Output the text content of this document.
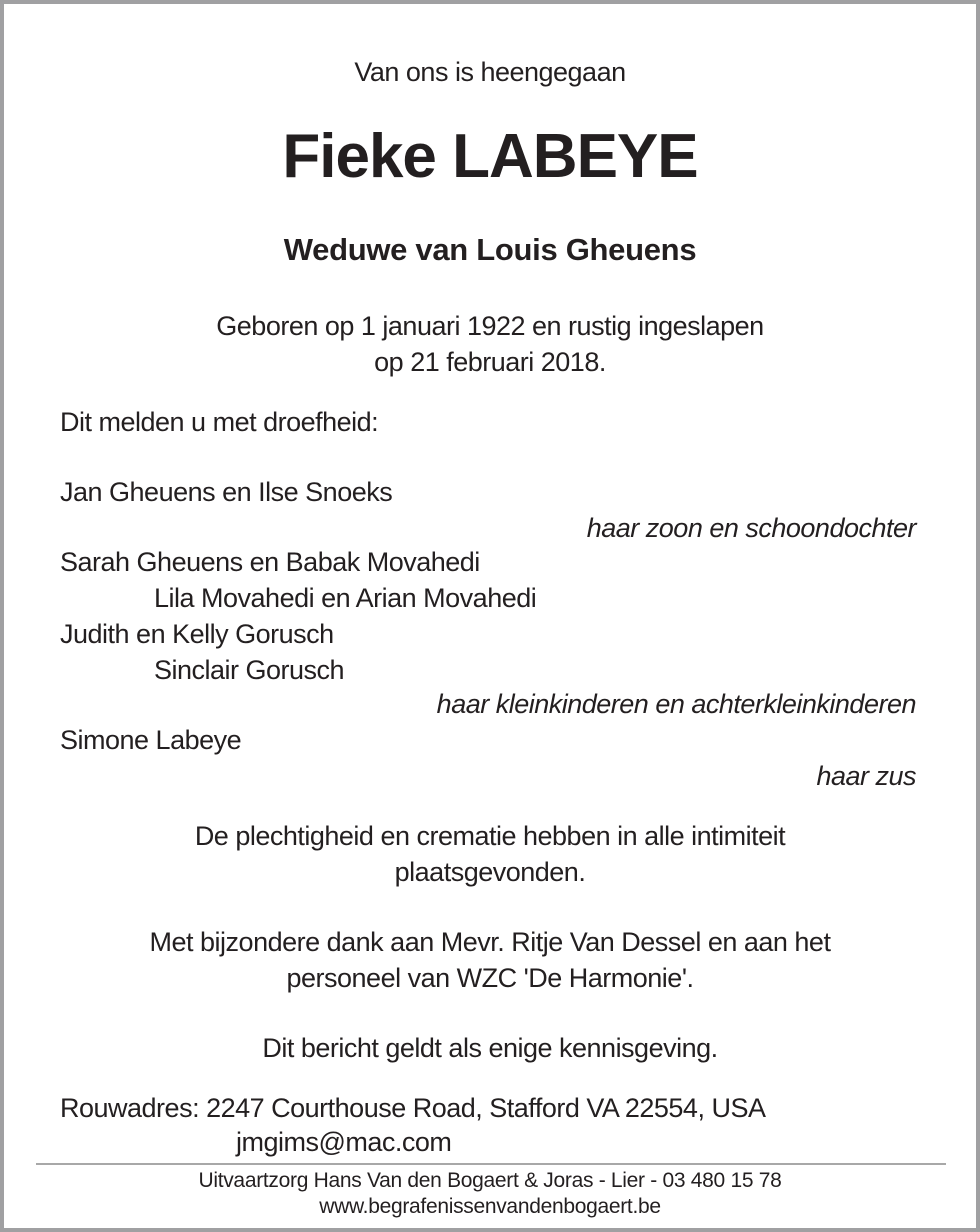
Van ons is heengegaan
Fieke LABEYE
Weduwe van Louis Gheuens
Geboren op 1 januari 1922 en rustig ingeslapen
op 21 februari 2018.
Dit melden u met droefheid:
Jan Gheuens en Ilse Snoeks
haar zoon en schoondochter
Sarah Gheuens en Babak Movahedi
Lila Movahedi en Arian Movahedi
Judith en Kelly Gorusch
Sinclair Gorusch
haar kleinkinderen en achterkleinkinderen
Simone Labeye
haar zus
De plechtigheid en crematie hebben in alle intimiteit
plaatsgevonden.
Met bijzondere dank aan Mevr. Ritje Van Dessel en aan het
personeel van WZC 'De Harmonie'.
Dit bericht geldt als enige kennisgeving.
Rouwadres: 2247 Courthouse Road, Stafford VA 22554, USA
jmgims@mac.com
Uitvaartzorg Hans Van den Bogaert & Joras - Lier - 03 480 15 78
www.begrafenissenvandenbogaert.be
